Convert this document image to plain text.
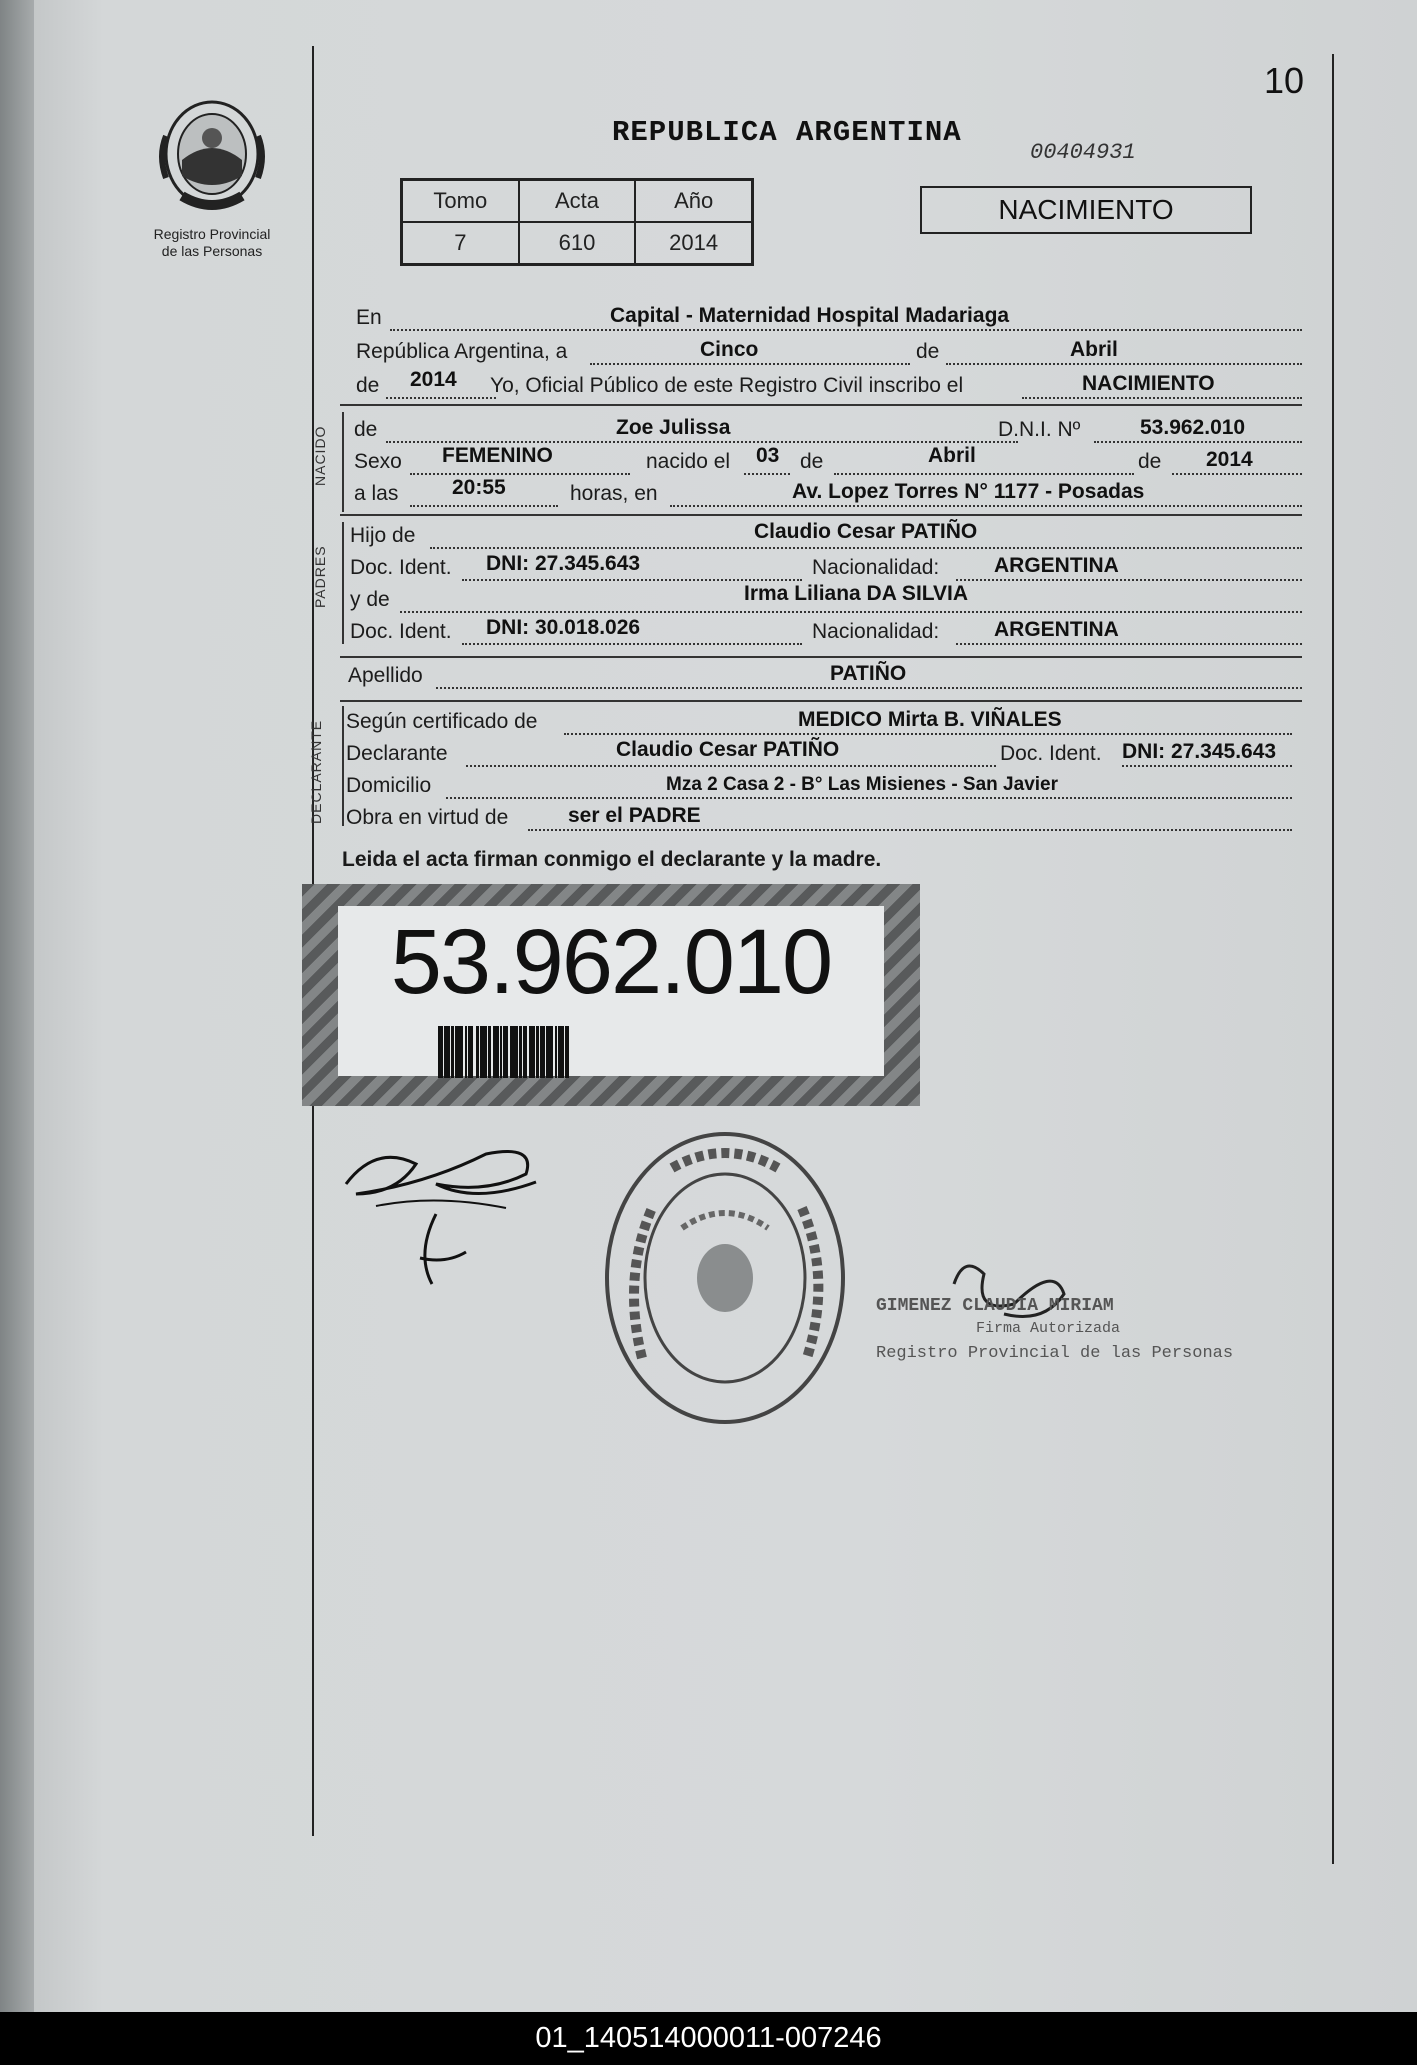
10
Registro Provincial
de las Personas
REPUBLICA ARGENTINA
00404931
Tomo	Acta	Año
7	610	2014
NACIMIENTO
En	Capital - Maternidad Hospital Madariaga
República Argentina, a	Cinco	de	Abril
de 2014 Yo, Oficial Público de este Registro Civil inscribo el	NACIMIENTO
NACIDO de	Zoe Julissa	D.N.I. Nº	53.962.010
Sexo FEMENINO	nacido el 03 de	Abril	de 2014
a las	20:55	horas, en	Av. Lopez Torres N° 1177 - Posadas
PADRES
Hijo de	Claudio Cesar PATIÑO
Doc. Ident. DNI: 27.345.643	Nacionalidad:	ARGENTINA
y de	Irma Liliana DA SILVIA
Doc. Ident. DNI: 30.018.026	Nacionalidad:	ARGENTINA
Apellido	PATIÑO
DECLARANTE Según certificado de	MEDICO Mirta B. VIÑALES
Declarante	Claudio Cesar PATIÑO	Doc. Ident. DNI: 27.345.643
Domicilio	Mza 2 Casa 2 - B° Las Misienes - San Javier
Obra en virtud de	ser el PADRE
Leida el acta firman conmigo el declarante y la madre.
53.962.010
GIMENEZ CLAUDIA MIRIAM
Firma Autorizada
Registro Provincial de las Personas
01_140514000011-007246
